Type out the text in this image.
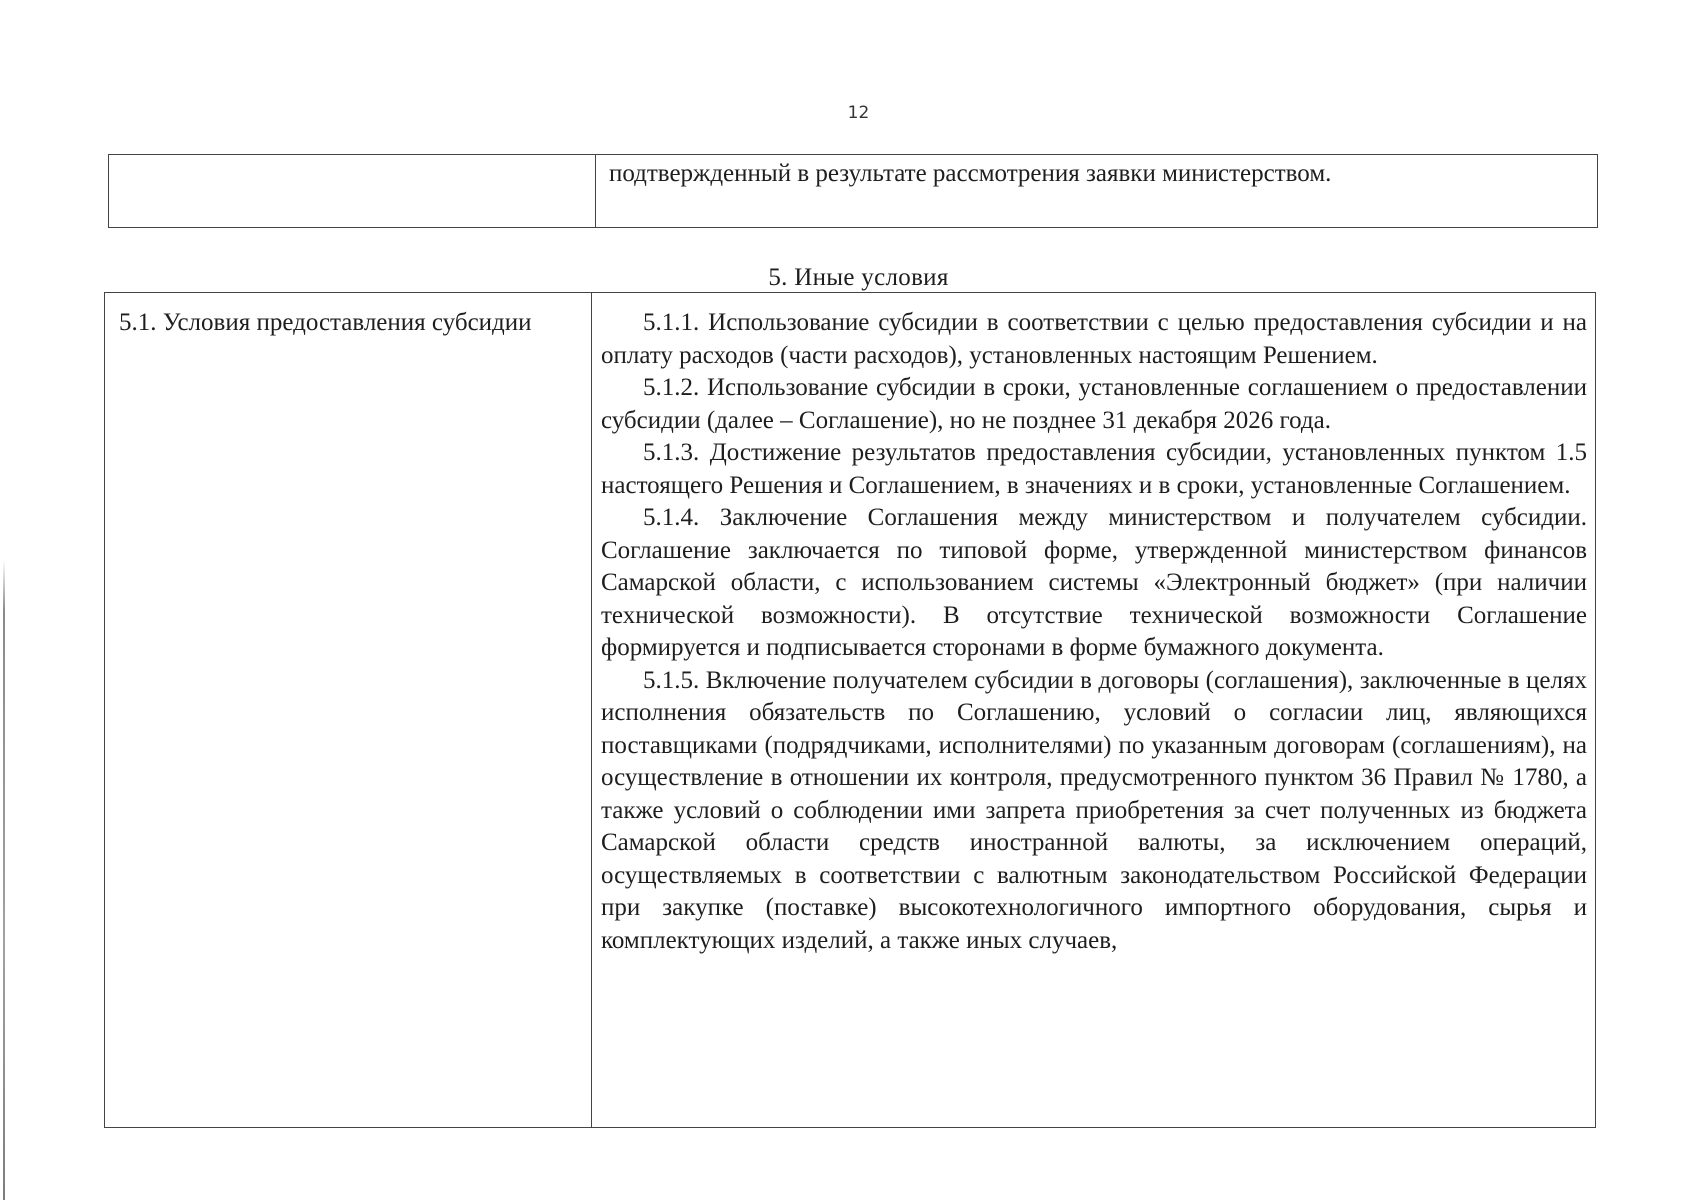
12
подтвержденный в результате рассмотрения заявки министерством.
5. Иные условия
5.1. Условия предоставления субсидии	5.1.1. Использование субсидии в соответствии с целью предоставления субсидии и на оплату расходов (части расходов), установленных настоящим Решением.

5.1.2. Использование субсидии в сроки, установленные соглашением о предоставлении субсидии (далее – Соглашение), но не позднее 31 декабря 2026 года.

5.1.3. Достижение результатов предоставления субсидии, установленных пунктом 1.5 настоящего Решения и Соглашением, в значениях и в сроки, установленные Соглашением.

5.1.4. Заключение Соглашения между министерством и получателем субсидии. Соглашение заключается по типовой форме, утвержденной министерством финансов Самарской области, с использованием системы «Электронный бюджет» (при наличии технической возможности). В отсутствие технической возможности Соглашение формируется и подписывается сторонами в форме бумажного документа.

5.1.5. Включение получателем субсидии в договоры (соглашения), заключенные в целях исполнения обязательств по Соглашению, условий о согласии лиц, являющихся поставщиками (подрядчиками, исполнителями) по указанным договорам (соглашениям), на осуществление в отношении их контроля, предусмотренного пунктом 36 Правил № 1780, а также условий о соблюдении ими запрета приобретения за счет полученных из бюджета Самарской области средств иностранной валюты, за исключением операций, осуществляемых в соответствии с валютным законодательством Российской Федерации при закупке (поставке) высокотехнологичного импортного оборудования, сырья и комплектующих изделий, а также иных случаев,
